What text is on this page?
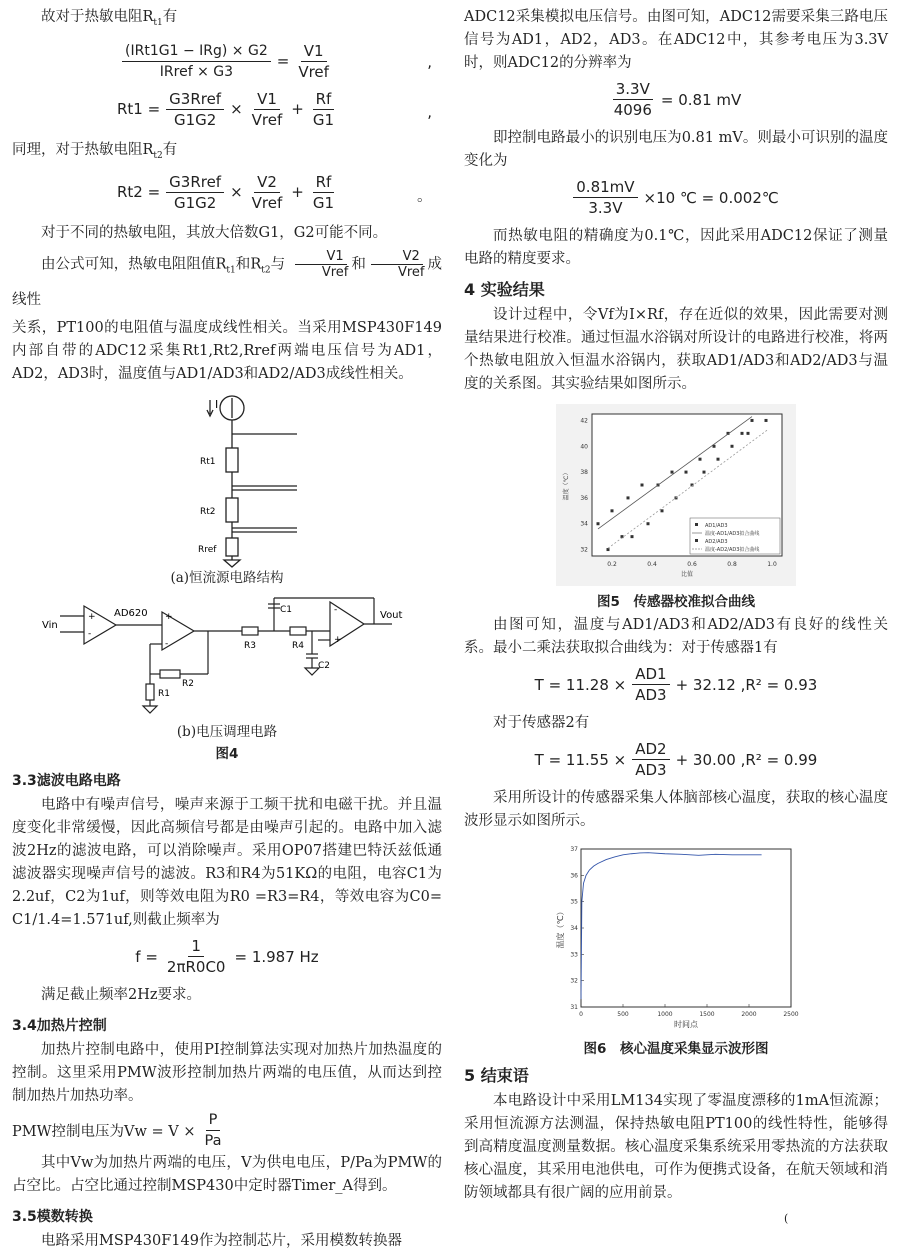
故对于热敏电阻$R_{t1}$有

$\frac{\text{(IRt1G1 − IRg) × G2}}{\text{IRref × G3}} = \frac{V1}{\text{Vref}}$	,
$Rt1 = \frac{\text{G3Rref}}{G1G2} \times \frac{V1}{\text{Vref}} + \frac{Rf}{G1}$	,

同理，对于热敏电阻$R_{t2}$有

$Rt2 = \frac{\text{G3Rref}}{G1G2} \times \frac{V2}{\text{Vref}} + \frac{Rf}{G1}$	。

对于不同的热敏电阻，其放大倍数G1，G2可能不同。

由公式可知，热敏电阻阻值$R_{t1}$和$R_{t2}$与 $\frac{V1}{\text{Vref}}$ 和 $\frac{V2}{\text{Vref}}$ 成线性

关系，PT100的电阻值与温度成线性相关。当采用MSP430F149内部自带的ADC12采集Rt1,Rt2,Rref两端电压信号为AD1，AD2，AD3时，温度值与AD1/AD3和AD2/AD3成线性相关。

I
Rt1
Rt2
Rref
(a)恒流源电路结构
Vin
AD620	Vout
R1
R2
R3	R4
C1
C2
+
-
+
-
-
+
(b)电压调理电路
图4
3.3滤波电路电路

电路中有噪声信号，噪声来源于工频干扰和电磁干扰。并且温度变化非常缓慢，因此高频信号都是由噪声引起的。电路中加入滤波2Hz的滤波电路，可以消除噪声。采用OP07搭建巴特沃兹低通滤波器实现噪声信号的滤波。R3和R4为51KΩ的电阻，电容C1为2.2uf，C2为1uf，则等效电阻为R0 =R3=R4，等效电容为C0= C1/1.4=1.571uf,则截止频率为

$f = \frac{1}{2\pi R0C0} = 1.987$ Hz

满足截止频率2Hz要求。

3.4加热片控制

加热片控制电路中，使用PI控制算法实现对加热片加热温度的控制。这里采用PMW波形控制加热片两端的电压值，从而达到控制加热片加热功率。

PMW控制电压为$Vw = V \times \frac{P}{Pa}$

其中Vw为加热片两端的电压，V为供电电压，P/Pa为PMW的占空比。占空比通过控制MSP430中定时器Timer_A得到。

3.5模数转换

电路采用MSP430F149作为控制芯片，采用模数转换器

ADC12采集模拟电压信号。由图可知，ADC12需要采集三路电压信号为AD1，AD2，AD3。在ADC12中，其参考电压为3.3V时，则ADC12的分辨率为

$\frac{3.3V}{4096} = 0.81$ mV

即控制电路最小的识别电压为0.81 mV。则最小可识别的温度变化为

$\frac{0.81mV}{3.3V} \times 10$ ℃ = 0.002℃

而热敏电阻的精确度为0.1℃，因此采用ADC12保证了测量电路的精度要求。

4 实验结果

设计过程中，令Vf为I×Rf，存在近似的效果，因此需要对测量结果进行校准。通过恒温水浴锅对所设计的电路进行校准，将两个热敏电阻放入恒温水浴锅内，获取AD1/AD3和AD2/AD3与温度的关系图。其实验结果如图所示。

0.2	0.4	0.6	0.8	1.0
32
34
36
38
40
42
比值
温度（℃）
AD1/AD3
温度-AD1/AD3拟合曲线
AD2/AD3
温度-AD2/AD3拟合曲线
图5　传感器校准拟合曲线

由图可知，温度与AD1/AD3和AD2/AD3有良好的线性关系。最小二乘法获取拟合曲线为：对于传感器1有

$T = 11.28 \times \frac{AD1}{AD3} + 32.12$ ,R² = 0.93

对于传感器2有

$T = 11.55 \times \frac{AD2}{AD3} + 30.00$ ,R² = 0.99

采用所设计的传感器采集人体脑部核心温度，获取的核心温度波形显示如图所示。

0	500	1000	1500	2000	2500
31
32
33
34
35
36
37
时间点
温度（℃）
图6　核心温度采集显示波形图
5 结束语

本电路设计中采用LM134实现了零温度漂移的1mA恒流源；采用恒流源方法测温，保持热敏电阻PT100的线性特性，能够得到高精度温度测量数据。核心温度采集系统采用零热流的方法获取核心温度，其采用电池供电，可作为便携式设备，在航天领域和消防领域都具有很广阔的应用前景。

(
